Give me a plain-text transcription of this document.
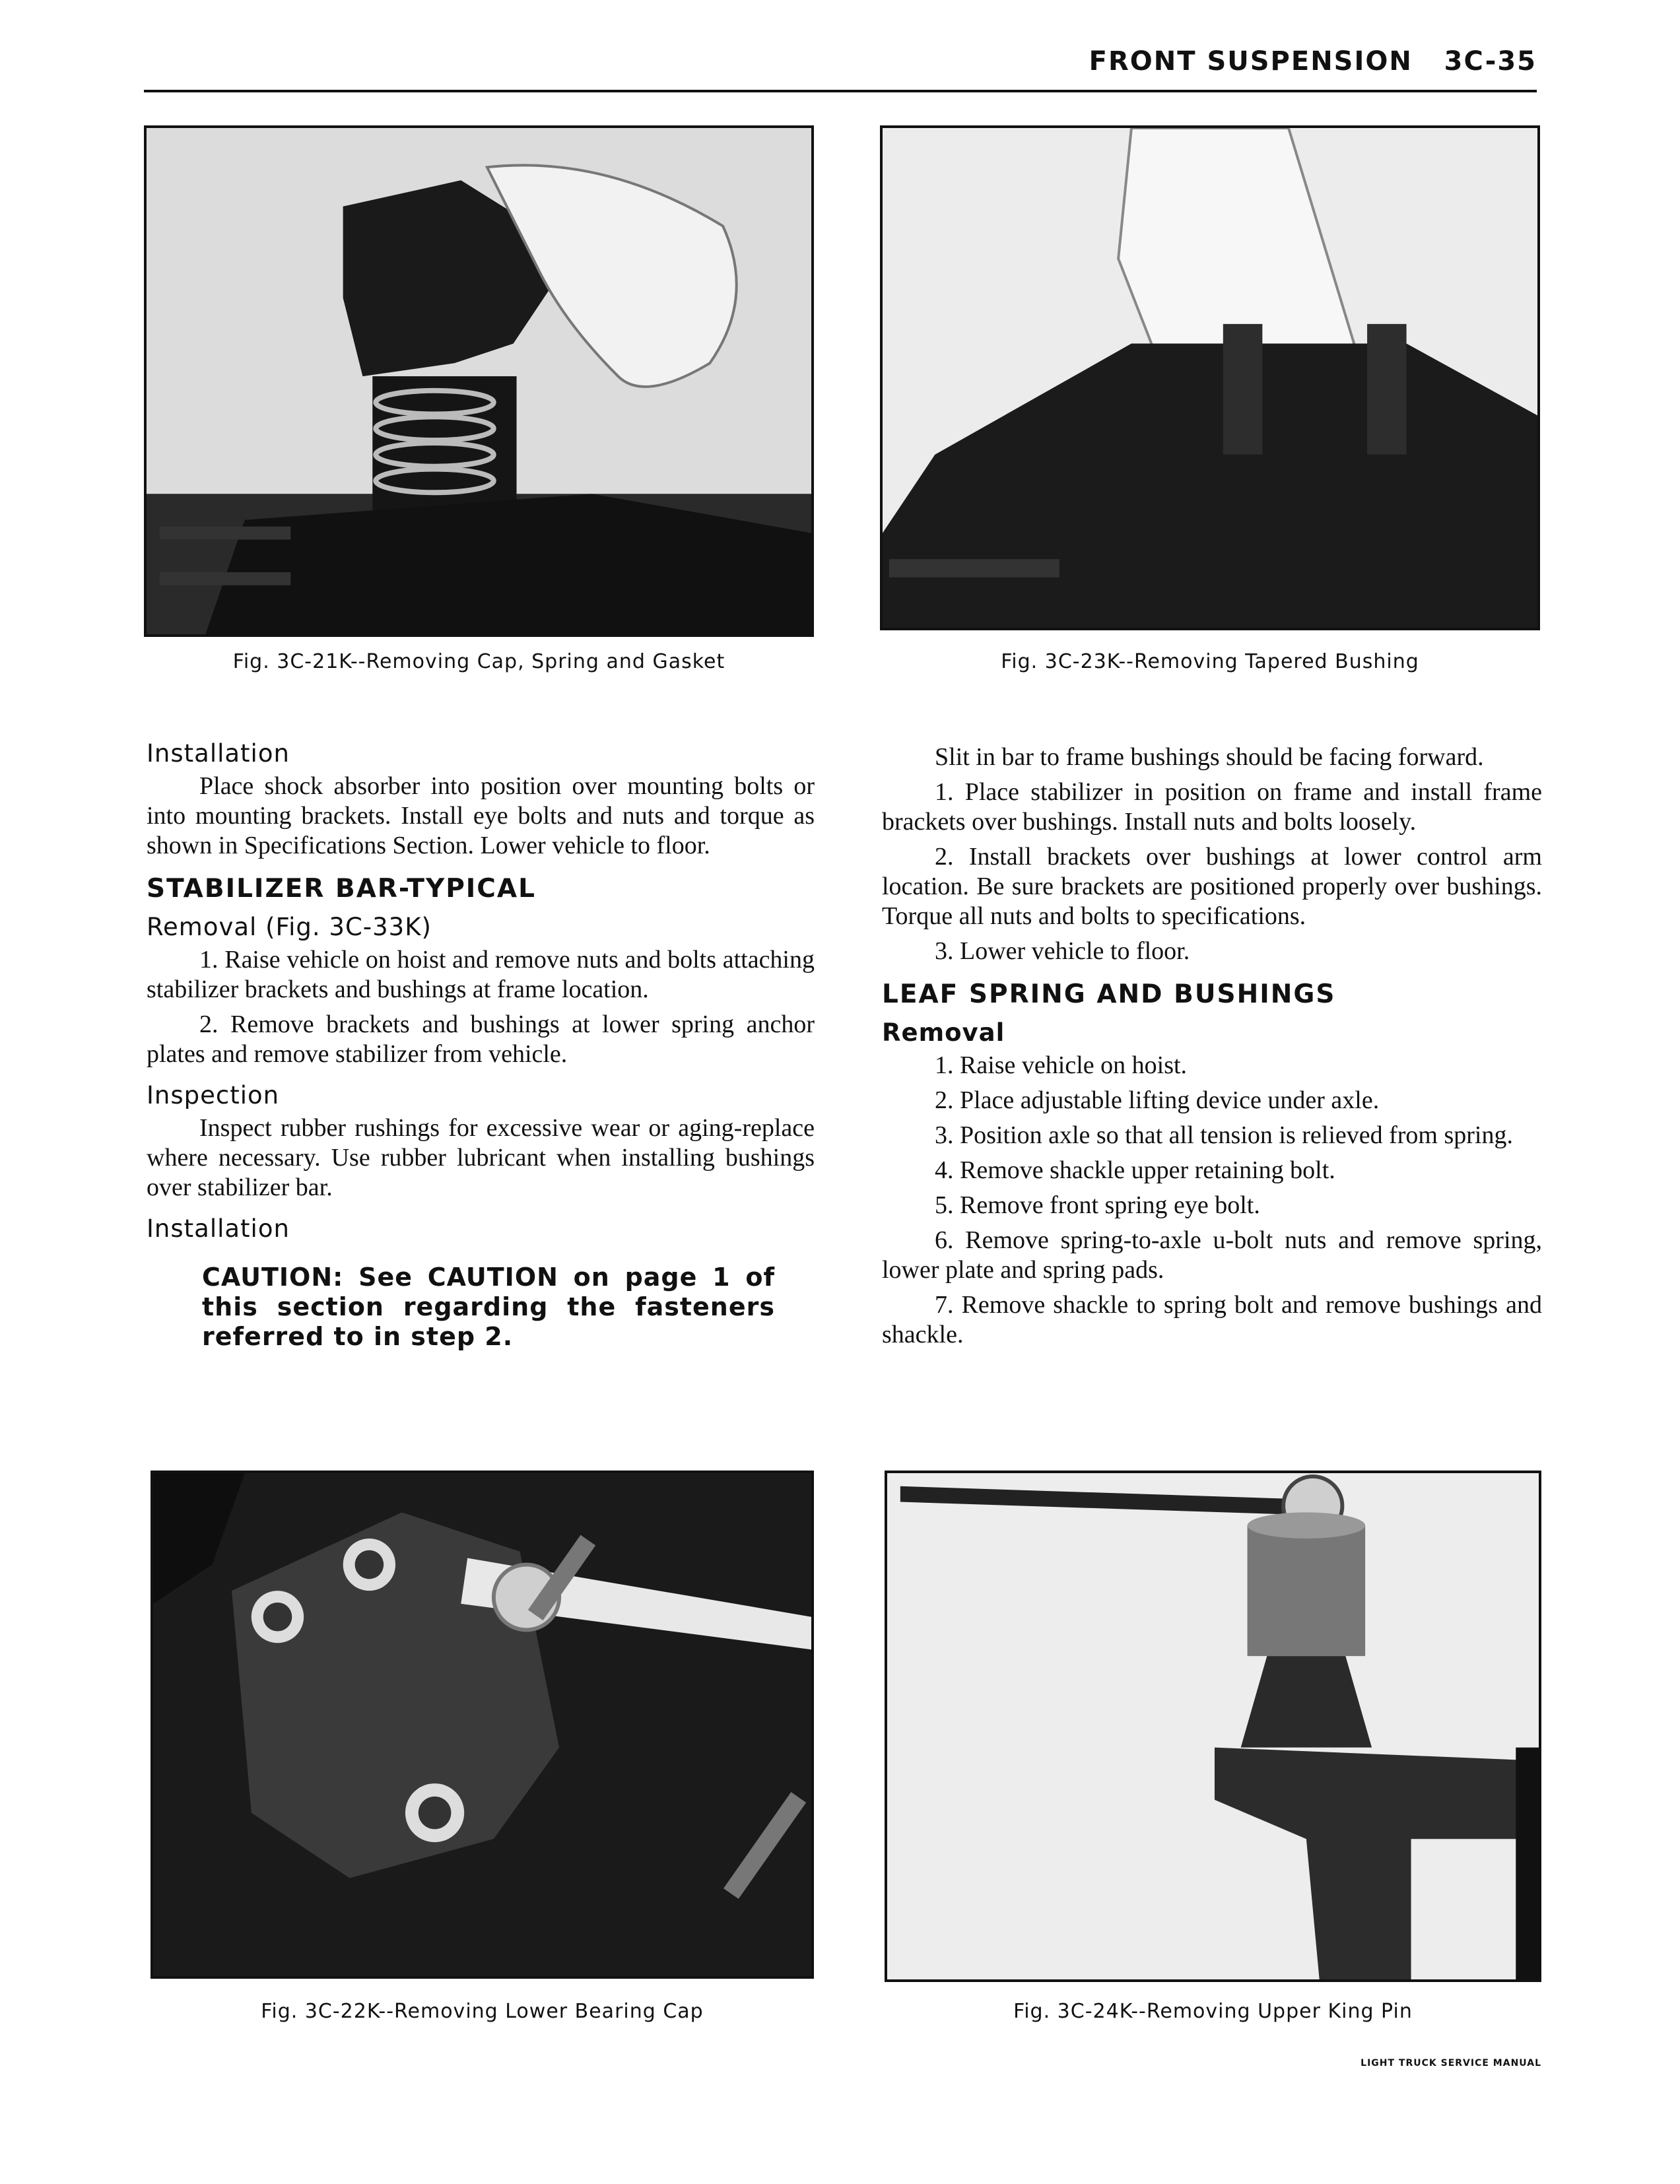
FRONT SUSPENSION   3C-35
Fig. 3C-21K--Removing Cap, Spring and Gasket	Fig. 3C-23K--Removing Tapered Bushing
Installation

Place shock absorber into position over mounting bolts or into mounting brackets. Install eye bolts and nuts and torque as shown in Specifications Section. Lower vehicle to floor.

STABILIZER BAR-TYPICAL
Removal (Fig. 3C-33K)

1. Raise vehicle on hoist and remove nuts and bolts attaching stabilizer brackets and bushings at frame location.

2. Remove brackets and bushings at lower spring anchor plates and remove stabilizer from vehicle.

Inspection

Inspect rubber rushings for excessive wear or aging-replace where necessary. Use rubber lubricant when installing bushings over stabilizer bar.

Installation
CAUTION: See CAUTION on page 1 of this section regarding the fasteners referred to in step 2.

Slit in bar to frame bushings should be facing forward.

1. Place stabilizer in position on frame and install frame brackets over bushings. Install nuts and bolts loosely.

2. Install brackets over bushings at lower control arm location. Be sure brackets are positioned properly over bushings. Torque all nuts and bolts to specifications.

3. Lower vehicle to floor.

LEAF SPRING AND BUSHINGS
Removal

1. Raise vehicle on hoist.

2. Place adjustable lifting device under axle.

3. Position axle so that all tension is relieved from spring.

4. Remove shackle upper retaining bolt.

5. Remove front spring eye bolt.

6. Remove spring-to-axle u-bolt nuts and remove spring, lower plate and spring pads.

7. Remove shackle to spring bolt and remove bushings and shackle.

Fig. 3C-22K--Removing Lower Bearing Cap	Fig. 3C-24K--Removing Upper King Pin
LIGHT TRUCK SERVICE MANUAL
